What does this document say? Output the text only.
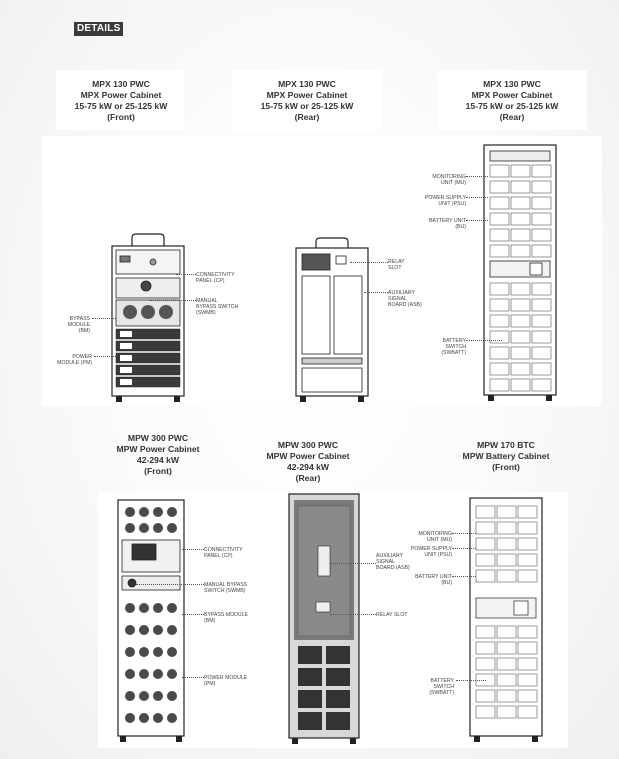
DETAILS
MPX 130 PWC
MPX Power Cabinet
15-75 kW or 25-125 kW
(Front)
MPX 130 PWC
MPX Power Cabinet
15-75 kW or 25-125 kW
(Rear)
MPX 130 PWC
MPX Power Cabinet
15-75 kW or 25-125 kW
(Rear)
MPW 300 PWC
MPW Power Cabinet
42-294 kW
(Front)
MPW 300 PWC
MPW Power Cabinet
42-294 kW
(Rear)
MPW 170 BTC
MPW Battery Cabinet
(Front)
CONNECTIVITY
PANEL (CP)
MANUAL
BYPASS SWITCH
(SWMB)
BYPASS
MODULE
(BM)
POWER
MODULE (PM)
RELAY
SLOT
AUXILIARY
SIGNAL
BOARD (ASB)
MONITORING
UNIT (MU)
POWER SUPPLY
UNIT (PSU)
BATTERY UNIT
(BU)
BATTERY
SWITCH
(SWBATT)
CONNECTIVITY
PANEL (CP)
MANUAL BYPASS
SWITCH (SWMB)
BYPASS MODULE
(BM)
POWER MODULE
(PM)
AUXILIARY
SIGNAL
BOARD (ASB)
RELAY SLOT
MONITORING
UNIT (MU)
POWER SUPPLY
UNIT (PSU)
BATTERY UNIT
(BU)
BATTERY
SWITCH
(SWBATT)
